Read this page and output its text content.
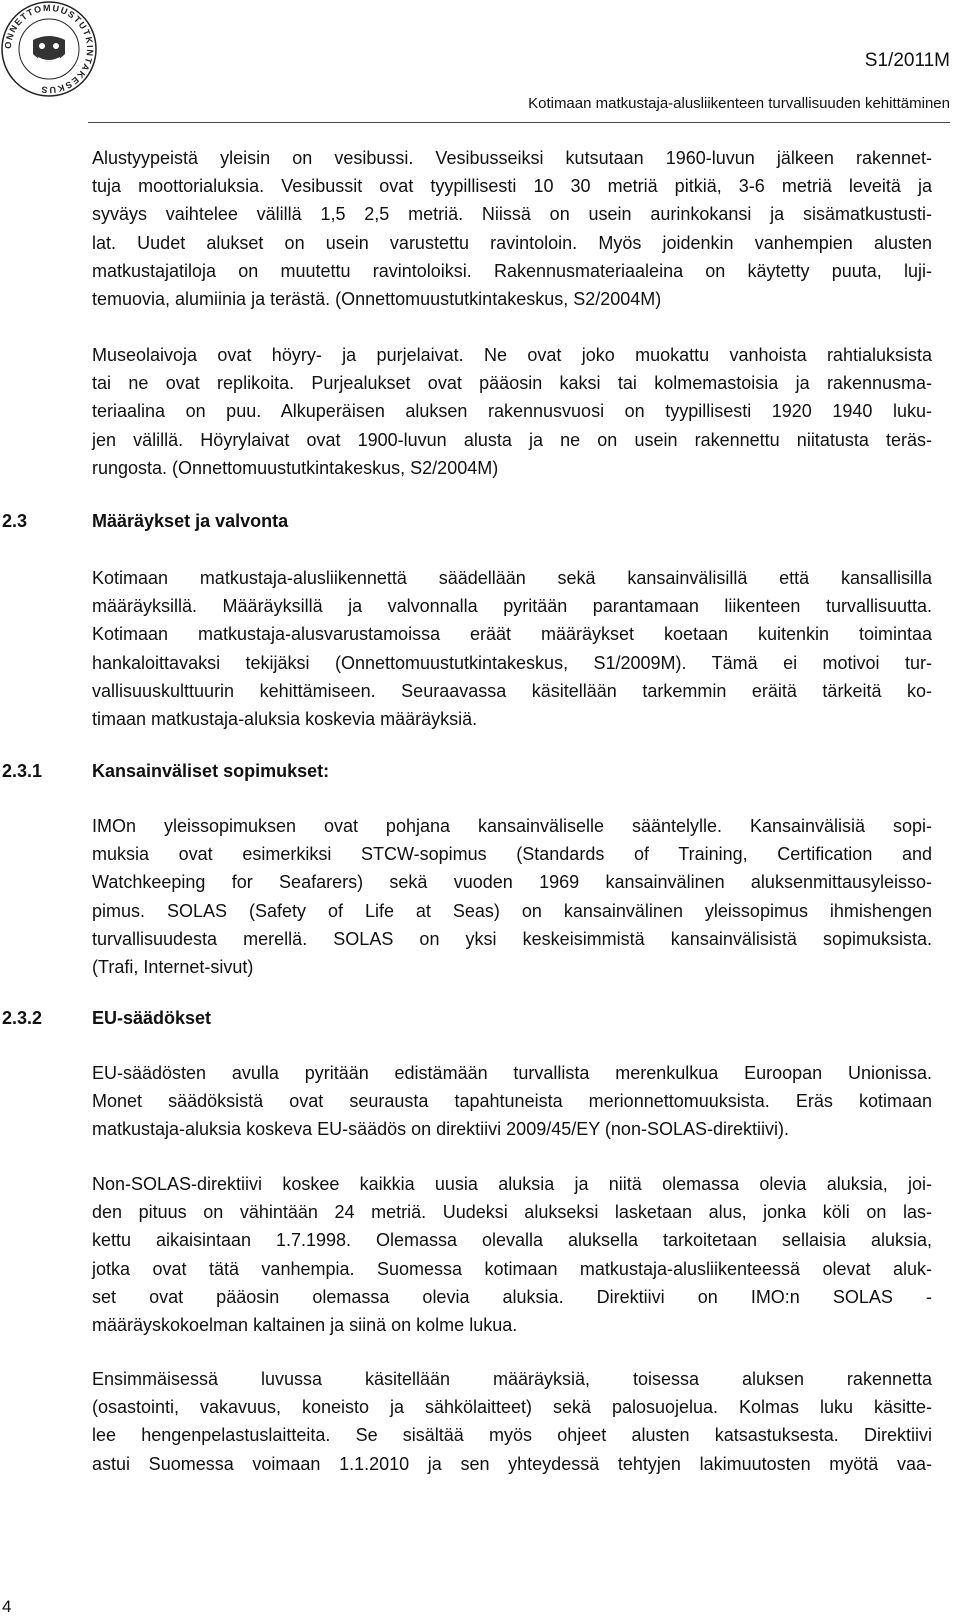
ONNETTOMUUSTUTKINTAKESKUS
S1/2011M
Kotimaan matkustaja-alusliikenteen turvallisuuden kehittäminen

Alustyypeistä yleisin on vesibussi. Vesibusseiksi kutsutaan 1960-luvun jälkeen rakennet-

tuja moottorialuksia. Vesibussit ovat tyypillisesti 10 30 metriä pitkiä, 3-6 metriä leveitä ja

syväys vaihtelee välillä 1,5 2,5 metriä. Niissä on usein aurinkokansi ja sisämatkustusti-

lat. Uudet alukset on usein varustettu ravintoloin. Myös joidenkin vanhempien alusten

matkustajatiloja on muutettu ravintoloiksi. Rakennusmateriaaleina on käytetty puuta, luji-

temuovia, alumiinia ja terästä. (Onnettomuustutkintakeskus, S2/2004M)

Museolaivoja ovat höyry- ja purjelaivat. Ne ovat joko muokattu vanhoista rahtialuksista

tai ne ovat replikoita. Purjealukset ovat pääosin kaksi tai kolmemastoisia ja rakennusma-

teriaalina on puu. Alkuperäisen aluksen rakennusvuosi on tyypillisesti 1920 1940 luku-

jen välillä. Höyrylaivat ovat 1900-luvun alusta ja ne on usein rakennettu niitatusta teräs-

rungosta. (Onnettomuustutkintakeskus, S2/2004M)

2.3	Määräykset ja valvonta

Kotimaan matkustaja-alusliikennettä säädellään sekä kansainvälisillä että kansallisilla

määräyksillä. Määräyksillä ja valvonnalla pyritään parantamaan liikenteen turvallisuutta.

Kotimaan matkustaja-alusvarustamoissa eräät määräykset koetaan kuitenkin toimintaa

hankaloittavaksi tekijäksi (Onnettomuustutkintakeskus, S1/2009M). Tämä ei motivoi tur-

vallisuuskulttuurin kehittämiseen. Seuraavassa käsitellään tarkemmin eräitä tärkeitä ko-

timaan matkustaja-aluksia koskevia määräyksiä.

2.3.1	Kansainväliset sopimukset:

IMOn yleissopimuksen ovat pohjana kansainväliselle sääntelylle. Kansainvälisiä sopi-

muksia ovat esimerkiksi STCW-sopimus (Standards of Training, Certification and

Watchkeeping for Seafarers) sekä vuoden 1969 kansainvälinen aluksenmittausyleisso-

pimus. SOLAS (Safety of Life at Seas) on kansainvälinen yleissopimus ihmishengen

turvallisuudesta merellä. SOLAS on yksi keskeisimmistä kansainvälisistä sopimuksista.

(Trafi, Internet-sivut)

2.3.2	EU-säädökset

EU-säädösten avulla pyritään edistämään turvallista merenkulkua Euroopan Unionissa.

Monet säädöksistä ovat seurausta tapahtuneista merionnettomuuksista. Eräs kotimaan

matkustaja-aluksia koskeva EU-säädös on direktiivi 2009/45/EY (non-SOLAS-direktiivi).

Non-SOLAS-direktiivi koskee kaikkia uusia aluksia ja niitä olemassa olevia aluksia, joi-

den pituus on vähintään 24 metriä. Uudeksi alukseksi lasketaan alus, jonka köli on las-

kettu aikaisintaan 1.7.1998. Olemassa olevalla aluksella tarkoitetaan sellaisia aluksia,

jotka ovat tätä vanhempia. Suomessa kotimaan matkustaja-alusliikenteessä olevat aluk-

set ovat pääosin olemassa olevia aluksia. Direktiivi on IMO:n SOLAS -

määräyskokoelman kaltainen ja siinä on kolme lukua.

Ensimmäisessä luvussa käsitellään määräyksiä, toisessa aluksen rakennetta

(osastointi, vakavuus, koneisto ja sähkölaitteet) sekä palosuojelua. Kolmas luku käsitte-

lee hengenpelastuslaitteita. Se sisältää myös ohjeet alusten katsastuksesta. Direktiivi

astui Suomessa voimaan 1.1.2010 ja sen yhteydessä tehtyjen lakimuutosten myötä vaa-

4
